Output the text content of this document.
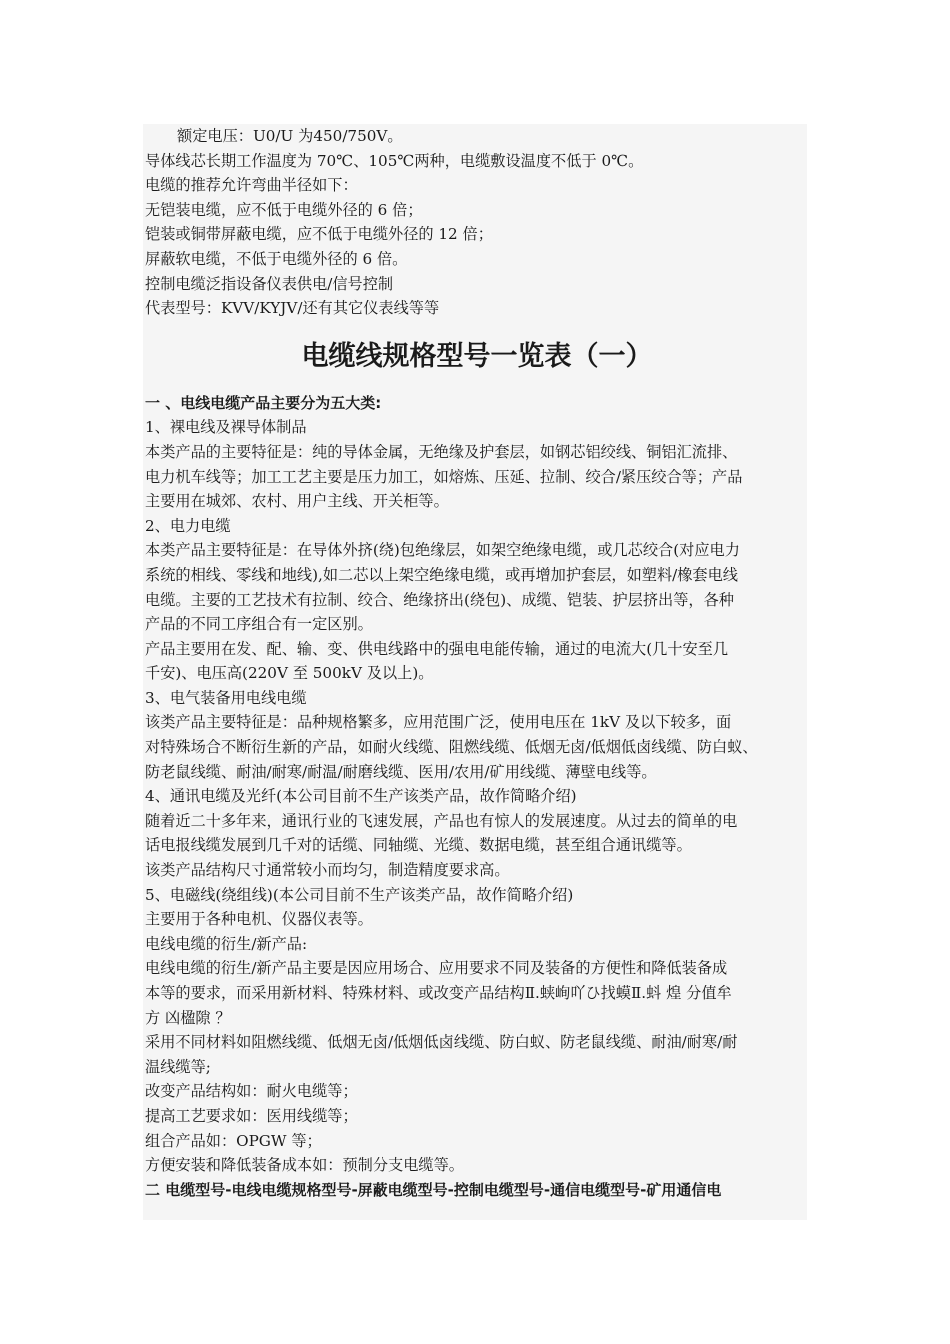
额定电压：U0/U 为450/750V。
导体线芯长期工作温度为 70℃、105℃两种，电缆敷设温度不低于 0℃。
电缆的推荐允许弯曲半径如下：
无铠装电缆，应不低于电缆外径的 6 倍；
铠装或铜带屏蔽电缆，应不低于电缆外径的 12 倍；
屏蔽软电缆，不低于电缆外径的 6 倍。
控制电缆泛指设备仪表供电/信号控制
代表型号：KVV/KYJV/还有其它仪表线等等
电缆线规格型号一览表（一）
一 、电线电缆产品主要分为五大类:
1、裸电线及裸导体制品
本类产品的主要特征是：纯的导体金属，无绝缘及护套层，如钢芯铝绞线、铜铝汇流排、
电力机车线等；加工工艺主要是压力加工，如熔炼、压延、拉制、绞合/紧压绞合等；产品
主要用在城郊、农村、用户主线、开关柜等。
2、电力电缆
本类产品主要特征是：在导体外挤(绕)包绝缘层，如架空绝缘电缆，或几芯绞合(对应电力
系统的相线、零线和地线),如二芯以上架空绝缘电缆，或再增加护套层，如塑料/橡套电线
电缆。主要的工艺技术有拉制、绞合、绝缘挤出(绕包)、成缆、铠装、护层挤出等，各种
产品的不同工序组合有一定区别。
产品主要用在发、配、输、变、供电线路中的强电电能传输，通过的电流大(几十安至几
千安)、电压高(220V 至 500kV 及以上)。
3、电气装备用电线电缆
该类产品主要特征是：品种规格繁多，应用范围广泛，使用电压在 1kV 及以下较多，面
对特殊场合不断衍生新的产品，如耐火线缆、阻燃线缆、低烟无卤/低烟低卤线缆、防白蚁、
防老鼠线缆、耐油/耐寒/耐温/耐磨线缆、医用/农用/矿用线缆、薄壁电线等。
4、通讯电缆及光纤(本公司目前不生产该类产品，故作简略介绍)
随着近二十多年来，通讯行业的飞速发展，产品也有惊人的发展速度。从过去的简单的电
话电报线缆发展到几千对的话缆、同轴缆、光缆、数据电缆，甚至组合通讯缆等。
该类产品结构尺寸通常较小而均匀，制造精度要求高。
5、电磁线(绕组线)(本公司目前不生产该类产品，故作简略介绍)
主要用于各种电机、仪器仪表等。
电线电缆的衍生/新产品:
电线电缆的衍生/新产品主要是因应用场合、应用要求不同及装备的方便性和降低装备成
本等的要求，而采用新材料、特殊材料、或改变产品结构Ⅱ.蛱峋吖ひ找蟆Ⅱ.蚪 煌 分值牟
方 凶楹隙 ？
采用不同材料如阻燃线缆、低烟无卤/低烟低卤线缆、防白蚁、防老鼠线缆、耐油/耐寒/耐
温线缆等;
改变产品结构如：耐火电缆等；
提高工艺要求如：医用线缆等；
组合产品如：OPGW 等；
方便安装和降低装备成本如：预制分支电缆等。
二 电缆型号-电线电缆规格型号-屏蔽电缆型号-控制电缆型号-通信电缆型号-矿用通信电
